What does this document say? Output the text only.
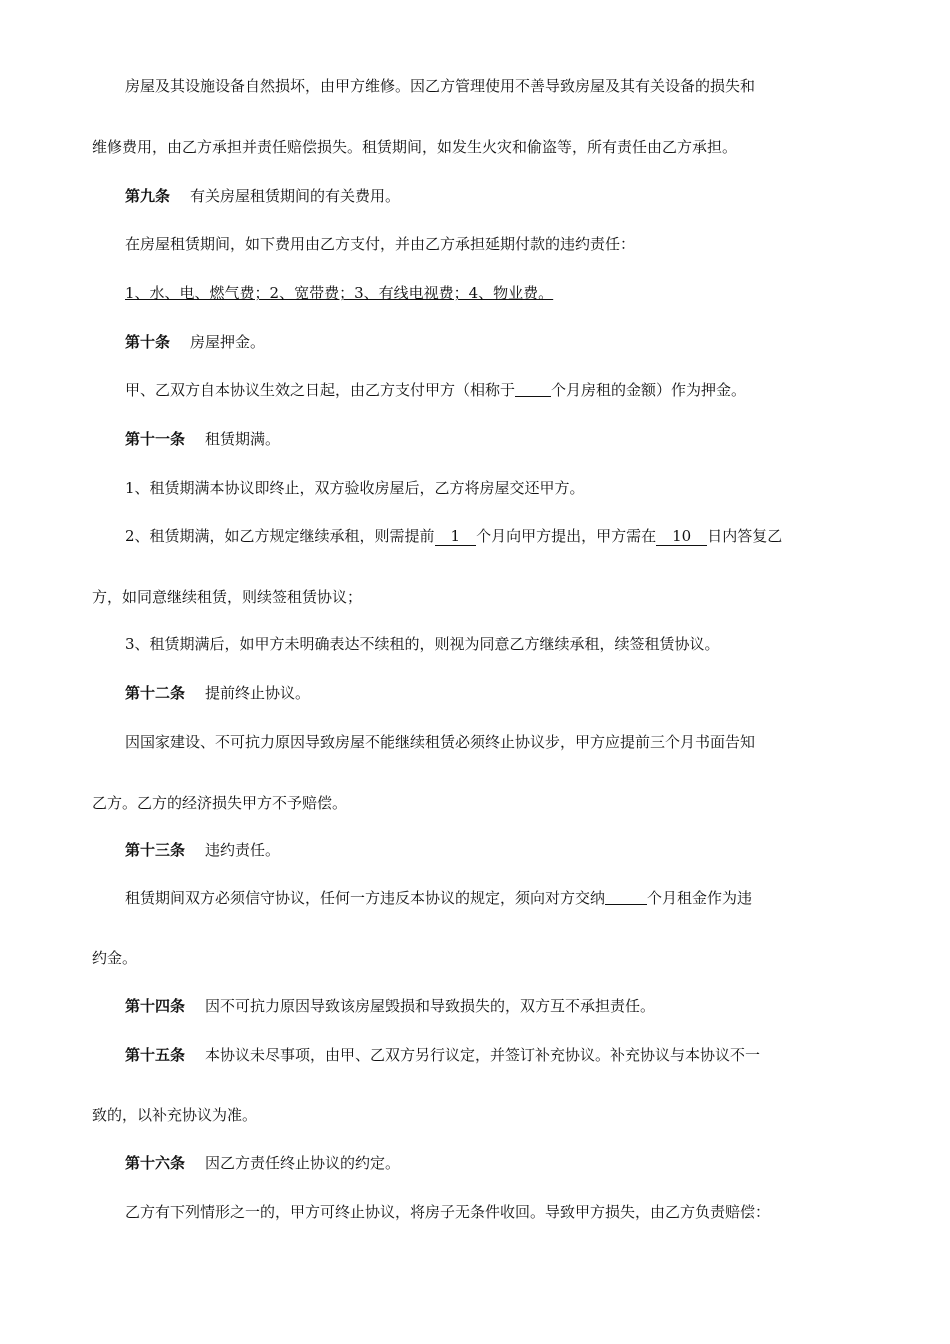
房屋及其设施设备自然损坏，由甲方维修。因乙方管理使用不善导致房屋及其有关设备的损失和
维修费用，由乙方承担并责任赔偿损失。租赁期间，如发生火灾和偷盗等，所有责任由乙方承担。
第九条 有关房屋租赁期间的有关费用。
在房屋租赁期间，如下费用由乙方支付，并由乙方承担延期付款的违约责任：
1、水、电、燃气费；2、宽带费；3、有线电视费；4、物业费。
第十条 房屋押金。
甲、乙双方自本协议生效之日起，由乙方支付甲方（相称于 个月房租的金额）作为押金。
第十一条 租赁期满。
1、租赁期满本协议即终止，双方验收房屋后，乙方将房屋交还甲方。
2、租赁期满，如乙方规定继续承租，则需提前 1 个月向甲方提出，甲方需在 10 日内答复乙
方，如同意继续租赁，则续签租赁协议；
3、租赁期满后，如甲方未明确表达不续租的，则视为同意乙方继续承租，续签租赁协议。
第十二条 提前终止协议。
因国家建设、不可抗力原因导致房屋不能继续租赁必须终止协议步，甲方应提前三个月书面告知
乙方。乙方的经济损失甲方不予赔偿。
第十三条 违约责任。
租赁期间双方必须信守协议，任何一方违反本协议的规定，须向对方交纳	个月租金作为违
约金。
第十四条 因不可抗力原因导致该房屋毁损和导致损失的，双方互不承担责任。
第十五条 本协议未尽事项，由甲、乙双方另行议定，并签订补充协议。补充协议与本协议不一
致的，以补充协议为准。
第十六条 因乙方责任终止协议的约定。
乙方有下列情形之一的，甲方可终止协议，将房子无条件收回。导致甲方损失，由乙方负责赔偿：
